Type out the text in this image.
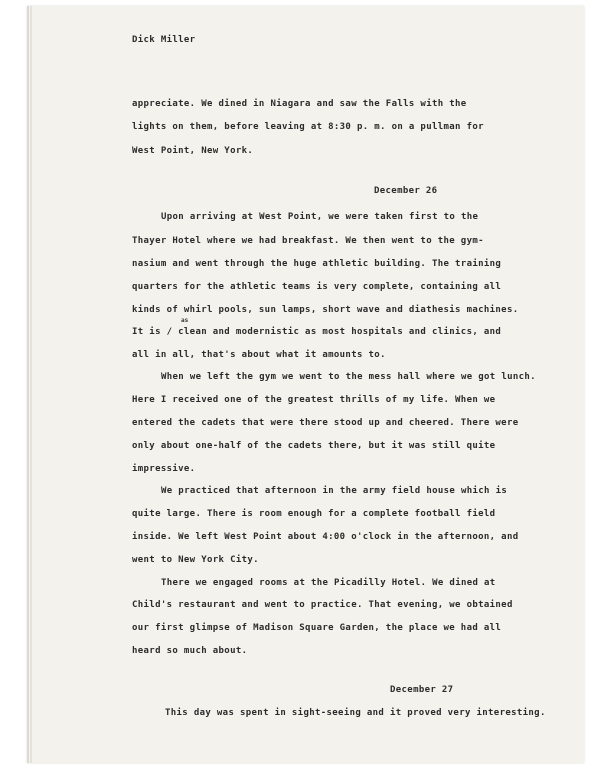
Dick Miller
appreciate. We dined in Niagara and saw the Falls with the
lights on them, before leaving at 8:30 p. m. on a pullman for
West Point, New York.
December 26
Upon arriving at West Point, we were taken first to the
Thayer Hotel where we had breakfast. We then went to the gym-
nasium and went through the huge athletic building. The training
quarters for the athletic teams is very complete, containing all
kinds of whirl pools, sun lamps, short wave and diathesis machines.
as
It is / clean and modernistic as most hospitals and clinics, and
all in all, that's about what it amounts to.
When we left the gym we went to the mess hall where we got lunch.
Here I received one of the greatest thrills of my life. When we
entered the cadets that were there stood up and cheered. There were
only about one-half of the cadets there, but it was still quite
impressive.
We practiced that afternoon in the army field house which is
quite large. There is room enough for a complete football field
inside. We left West Point about 4:00 o'clock in the afternoon, and
went to New York City.
There we engaged rooms at the Picadilly Hotel. We dined at
Child's restaurant and went to practice. That evening, we obtained
our first glimpse of Madison Square Garden, the place we had all
heard so much about.
December 27
This day was spent in sight-seeing and it proved very interesting.
